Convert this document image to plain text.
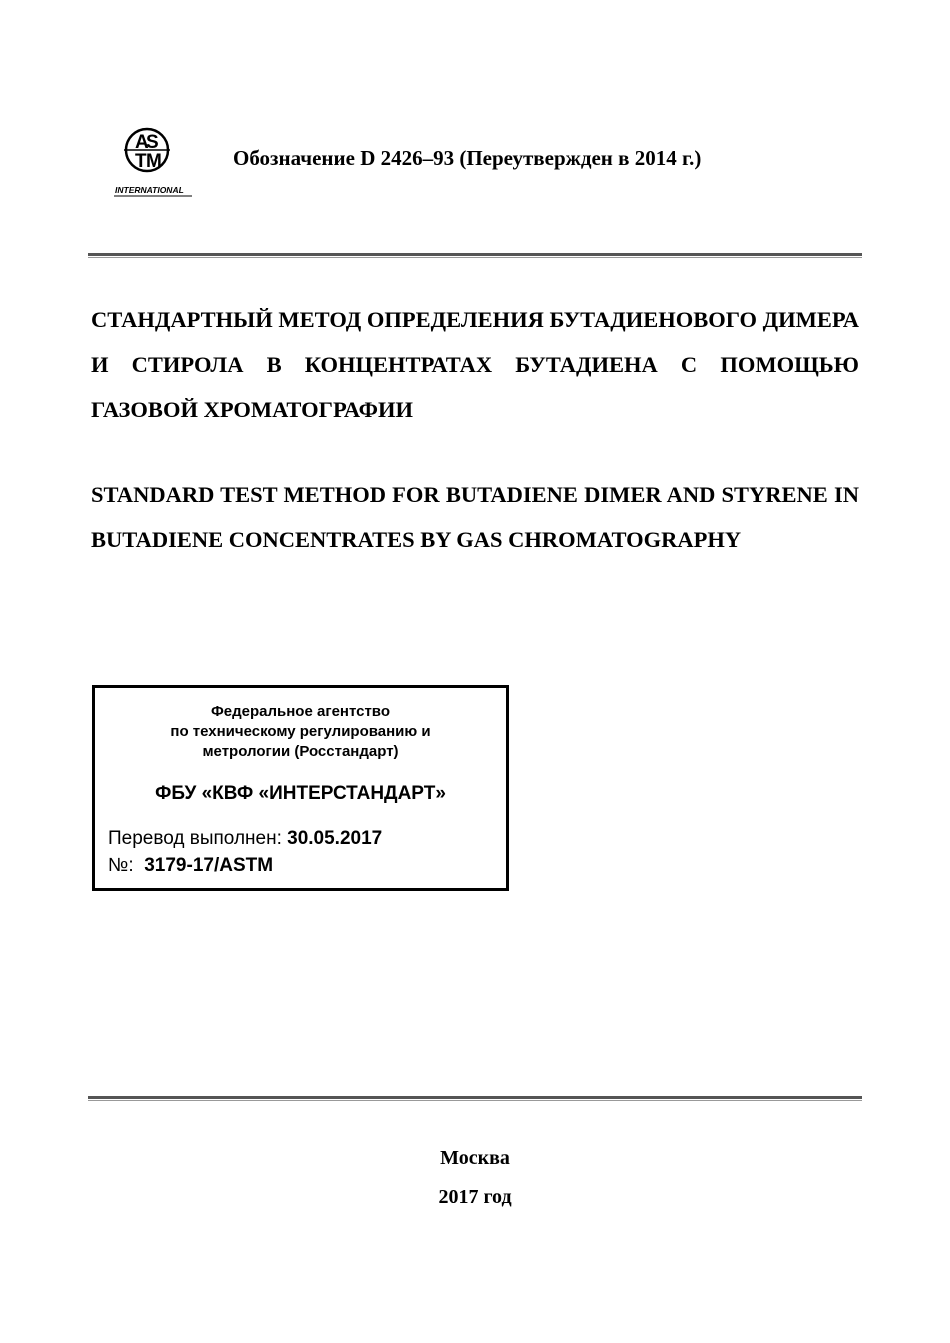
A
S
T M
INTERNATIONAL
Обозначение D 2426–93 (Переутвержден в 2014 г.)
СТАНДАРТНЫЙ МЕТОД ОПРЕДЕЛЕНИЯ БУТАДИЕНОВОГО ДИМЕРА И СТИРОЛА В КОНЦЕНТРАТАХ БУТАДИЕНА С ПОМОЩЬЮ ГАЗОВОЙ ХРОМАТОГРАФИИ
STANDARD TEST METHOD FOR BUTADIENE DIMER AND STYRENE IN BUTADIENE CONCENTRATES BY GAS CHROMATOGRAPHY
Федеральное агентство
по техническому регулированию и
метрологии (Росстандарт)
ФБУ «КВФ «ИНТЕРСТАНДАРТ»
Перевод выполнен: 30.05.2017
№: 3179-17/ASTM
Москва
2017 год
